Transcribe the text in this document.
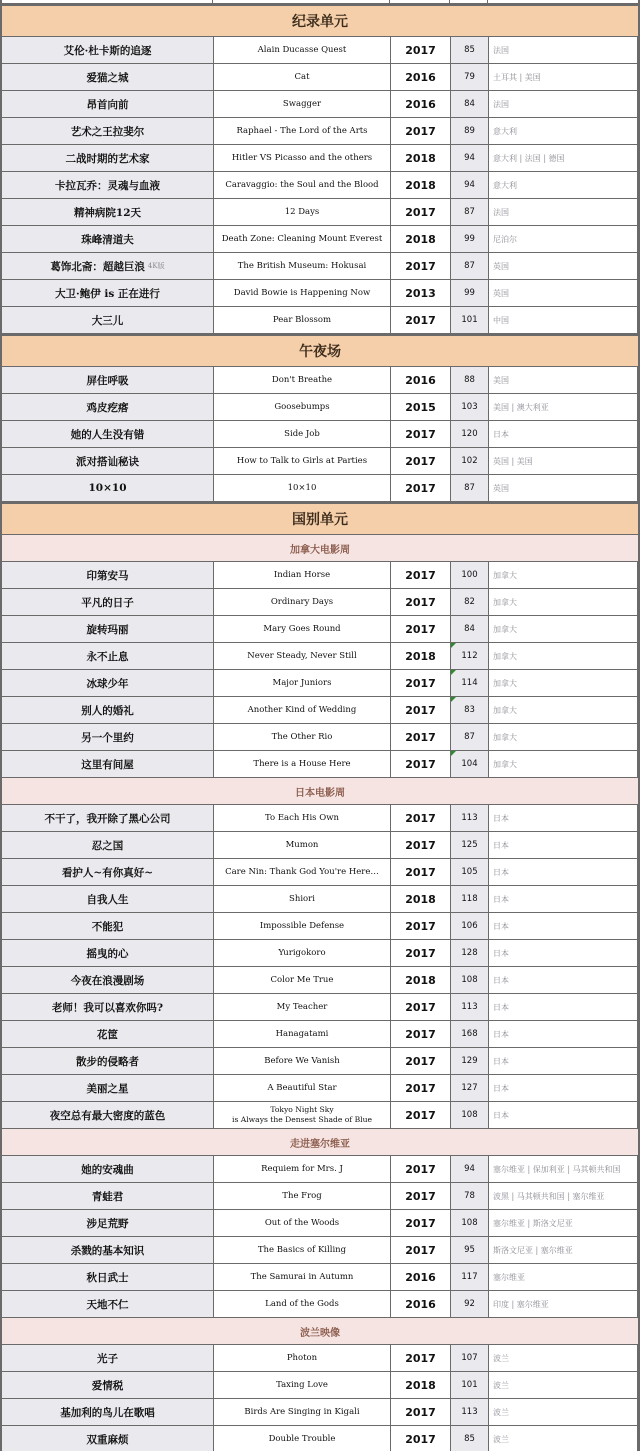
纪录单元
艾伦·杜卡斯的追逐	Alain Ducasse Quest	2017	85	法国
爱猫之城	Cat	2016	79	土耳其 | 美国
昂首向前	Swagger	2016	84	法国
艺术之王拉斐尔	Raphael - The Lord of the Arts	2017	89	意大利
二战时期的艺术家	Hitler VS Picasso and the others	2018	94	意大利 | 法国 | 德国
卡拉瓦乔：灵魂与血液	Caravaggio: the Soul and the Blood	2018	94	意大利
精神病院12天	12 Days	2017	87	法国
珠峰清道夫	Death Zone: Cleaning Mount Everest	2018	99	尼泊尔
葛饰北斋：超越巨浪 4K版	The British Museum: Hokusai	2017	87	英国
大卫·鲍伊 is 正在进行	David Bowie is Happening Now	2013	99	英国
大三儿	Pear Blossom	2017	101	中国
午夜场
屏住呼吸	Don't Breathe	2016	88	美国
鸡皮疙瘩	Goosebumps	2015	103	美国 | 澳大利亚
她的人生没有错	Side Job	2017	120	日本
派对搭讪秘诀	How to Talk to Girls at Parties	2017	102	英国 | 美国
10×10	10×10	2017	87	英国
国别单元
加拿大电影周
印第安马	Indian Horse	2017	100	加拿大
平凡的日子	Ordinary Days	2017	82	加拿大
旋转玛丽	Mary Goes Round	2017	84	加拿大
永不止息	Never Steady, Never Still	2018	112	加拿大
冰球少年	Major Juniors	2017	114	加拿大
别人的婚礼	Another Kind of Wedding	2017	83	加拿大
另一个里约	The Other Rio	2017	87	加拿大
这里有间屋	There is a House Here	2017	104	加拿大
日本电影周
不干了，我开除了黑心公司	To Each His Own	2017	113	日本
忍之国	Mumon	2017	125	日本
看护人~有你真好~	Care Nin: Thank God You're Here…	2017	105	日本
自我人生	Shiori	2018	118	日本
不能犯	Impossible Defense	2017	106	日本
摇曳的心	Yurigokoro	2017	128	日本
今夜在浪漫剧场	Color Me True	2018	108	日本
老师！我可以喜欢你吗?	My Teacher	2017	113	日本
花筐	Hanagatami	2017	168	日本
散步的侵略者	Before We Vanish	2017	129	日本
美丽之星	A Beautiful Star	2017	127	日本
夜空总有最大密度的蓝色	Tokyo Night Sky
is Always the Densest Shade of Blue	2017	108	日本
走进塞尔维亚
她的安魂曲	Requiem for Mrs. J	2017	94	塞尔维亚 | 保加利亚 | 马其顿共和国
青蛙君	The Frog	2017	78	波黑 | 马其顿共和国 | 塞尔维亚
涉足荒野	Out of the Woods	2017	108	塞尔维亚 | 斯洛文尼亚
杀戮的基本知识	The Basics of Killing	2017	95	斯洛文尼亚 | 塞尔维亚
秋日武士	The Samurai in Autumn	2016	117	塞尔维亚
天地不仁	Land of the Gods	2016	92	印度 | 塞尔维亚
波兰映像
光子	Photon	2017	107	波兰
爱情税	Taxing Love	2018	101	波兰
基加利的鸟儿在歌唱	Birds Are Singing in Kigali	2017	113	波兰
双重麻烦	Double Trouble	2017	85	波兰
